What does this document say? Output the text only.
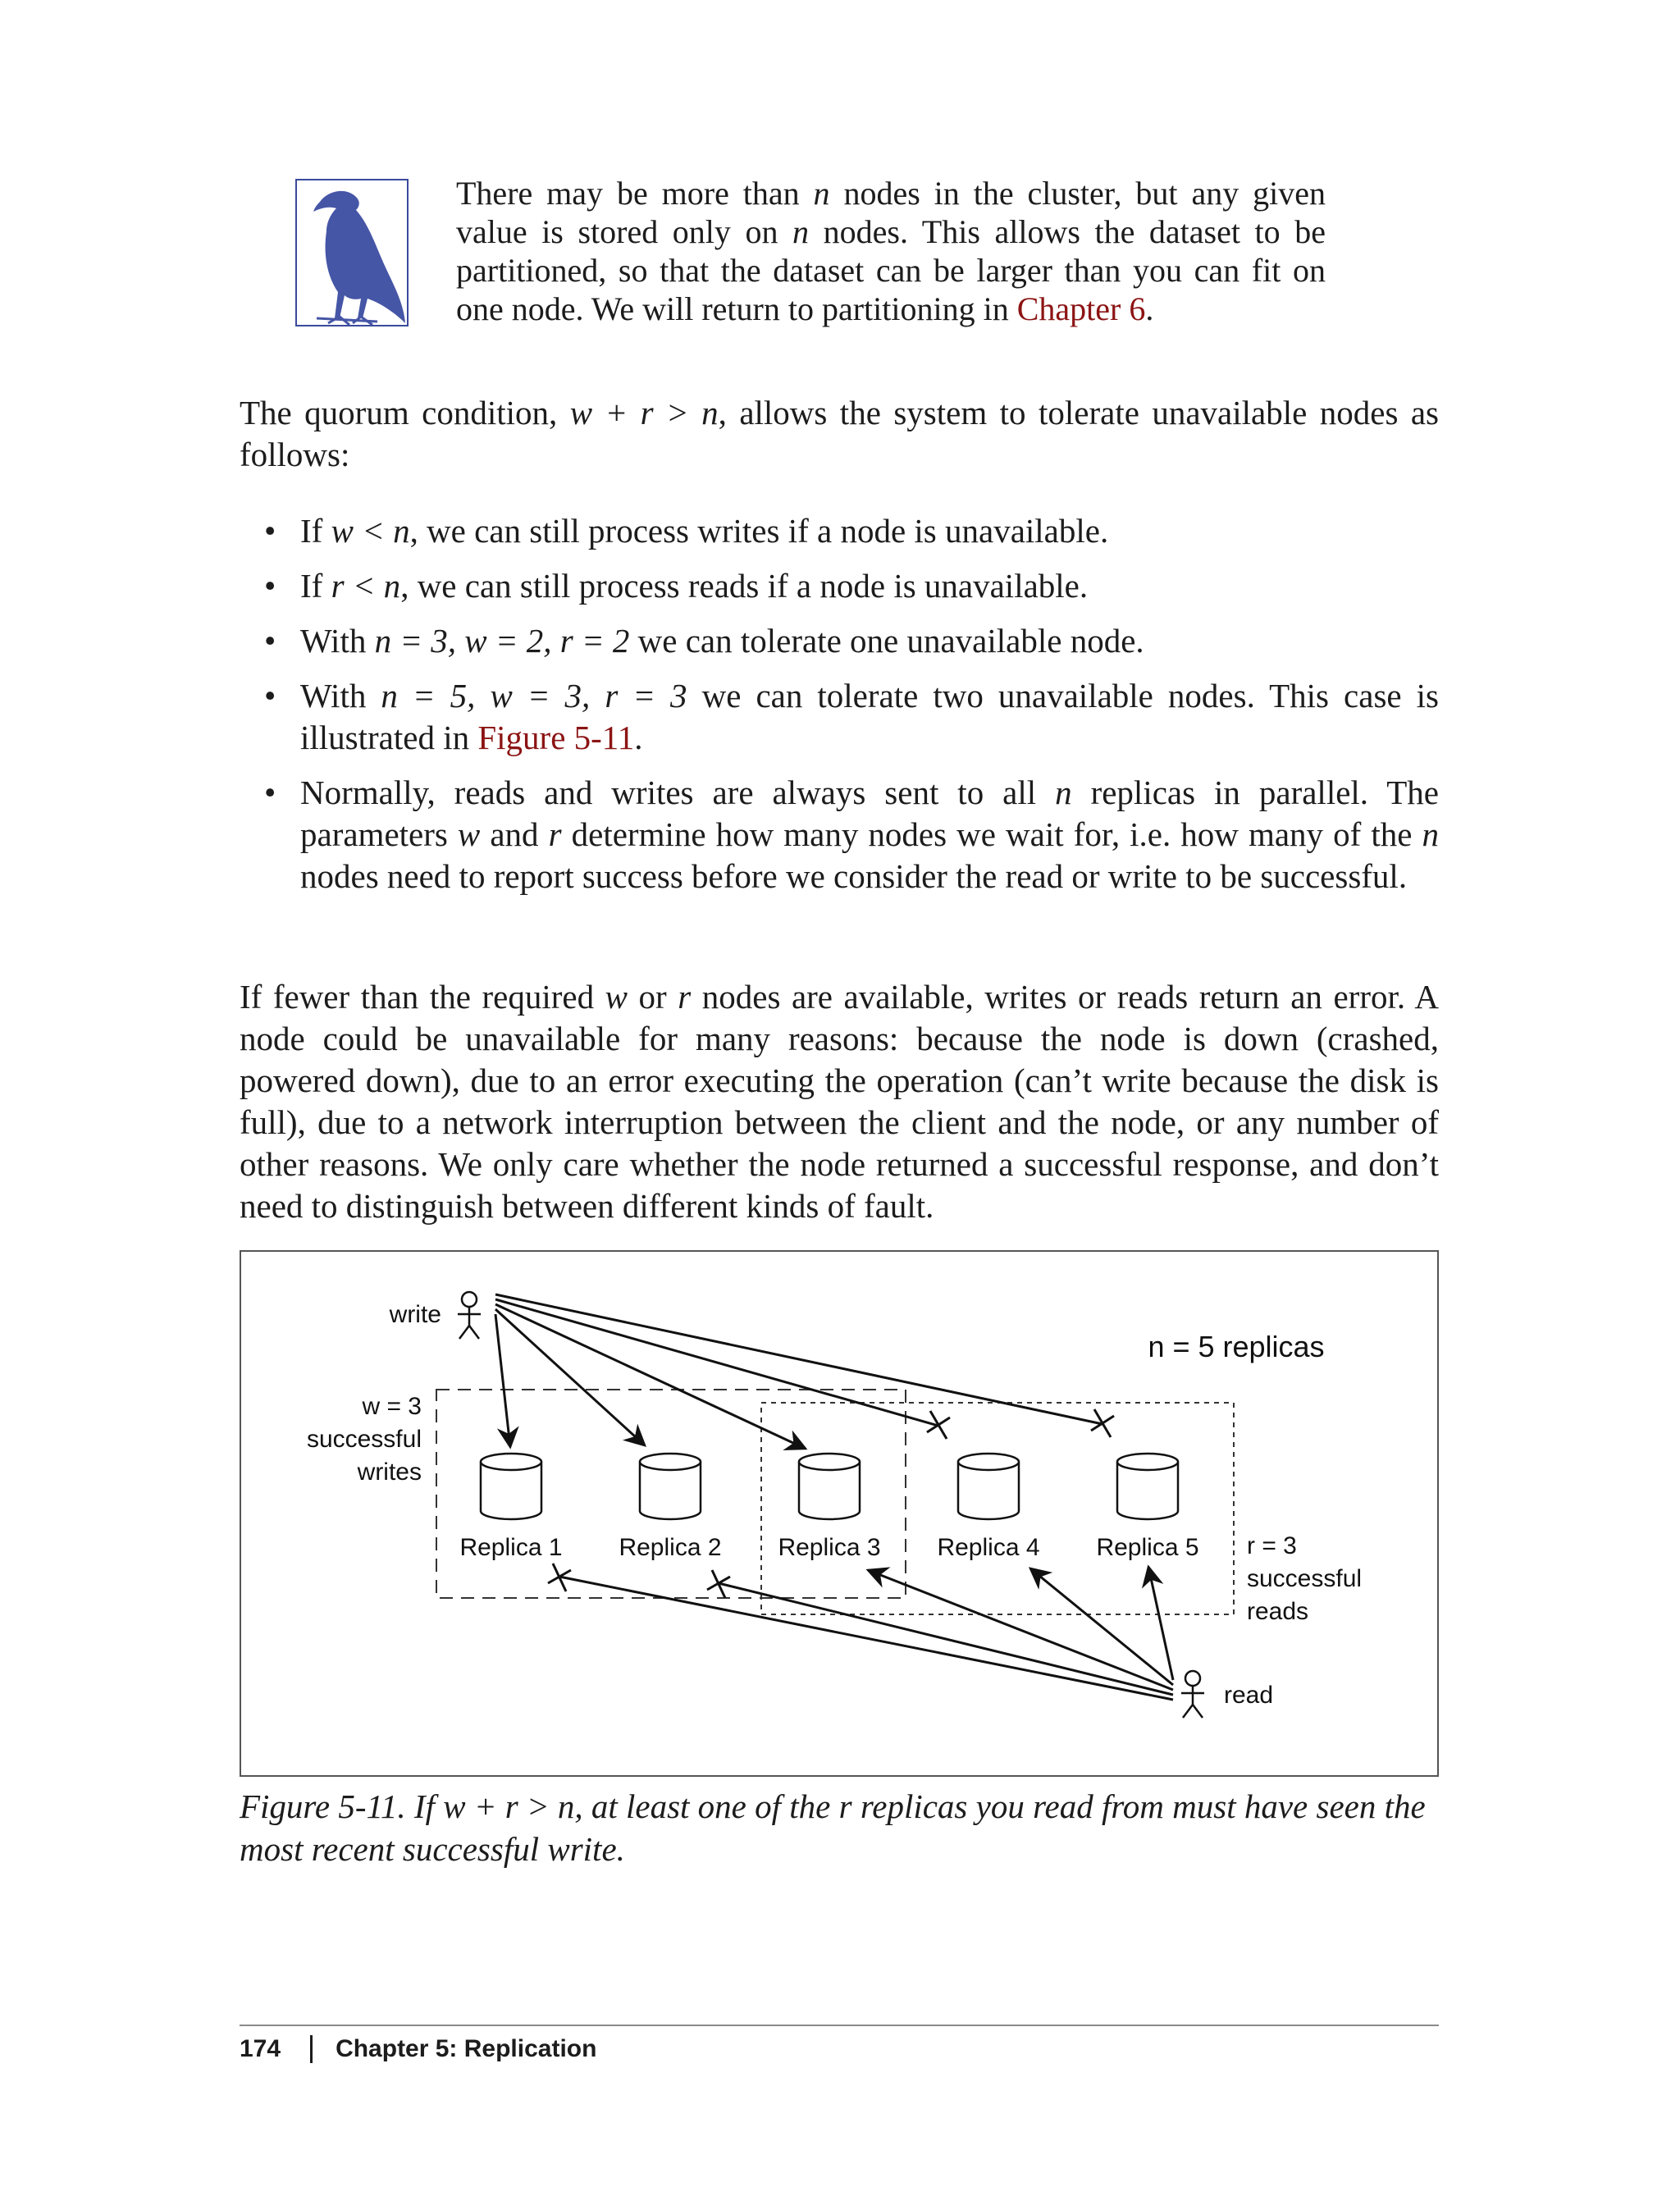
There may be more than n nodes in the cluster, but any given value is stored only on n nodes. This allows the dataset to be partitioned, so that the dataset can be larger than you can fit on one node. We will return to partitioning in Chapter 6.
The quorum condition, w + r > n, allows the system to tolerate unavailable nodes as follows:
• If w < n, we can still process writes if a node is unavailable.
• If r < n, we can still process reads if a node is unavailable.
• With n = 3, w = 2, r = 2 we can tolerate one unavailable node.
• With n = 5, w = 3, r = 3 we can tolerate two unavailable nodes. This case is illustrated in Figure 5-11.
• Normally, reads and writes are always sent to all n replicas in parallel. The parameters w and r determine how many nodes we wait for, i.e. how many of the n nodes need to report success before we consider the read or write to be successful.
If fewer than the required w or r nodes are available, writes or reads return an error. A node could be unavailable for many reasons: because the node is down (crashed, powered down), due to an error executing the operation (can’t write because the disk is full), due to a network interruption between the client and the node, or any number of other reasons. We only care whether the node returned a successful response, and don’t need to distinguish between different kinds of fault.
write
n = 5 replicas
w = 3
successful
writes
r = 3
successful
reads
Replica 1 Replica 2 Replica 3 Replica 4 Replica 5
read
Figure 5-11. If w + r > n, at least one of the r replicas you read from must have seen the most recent successful write.
174 Chapter 5: Replication
